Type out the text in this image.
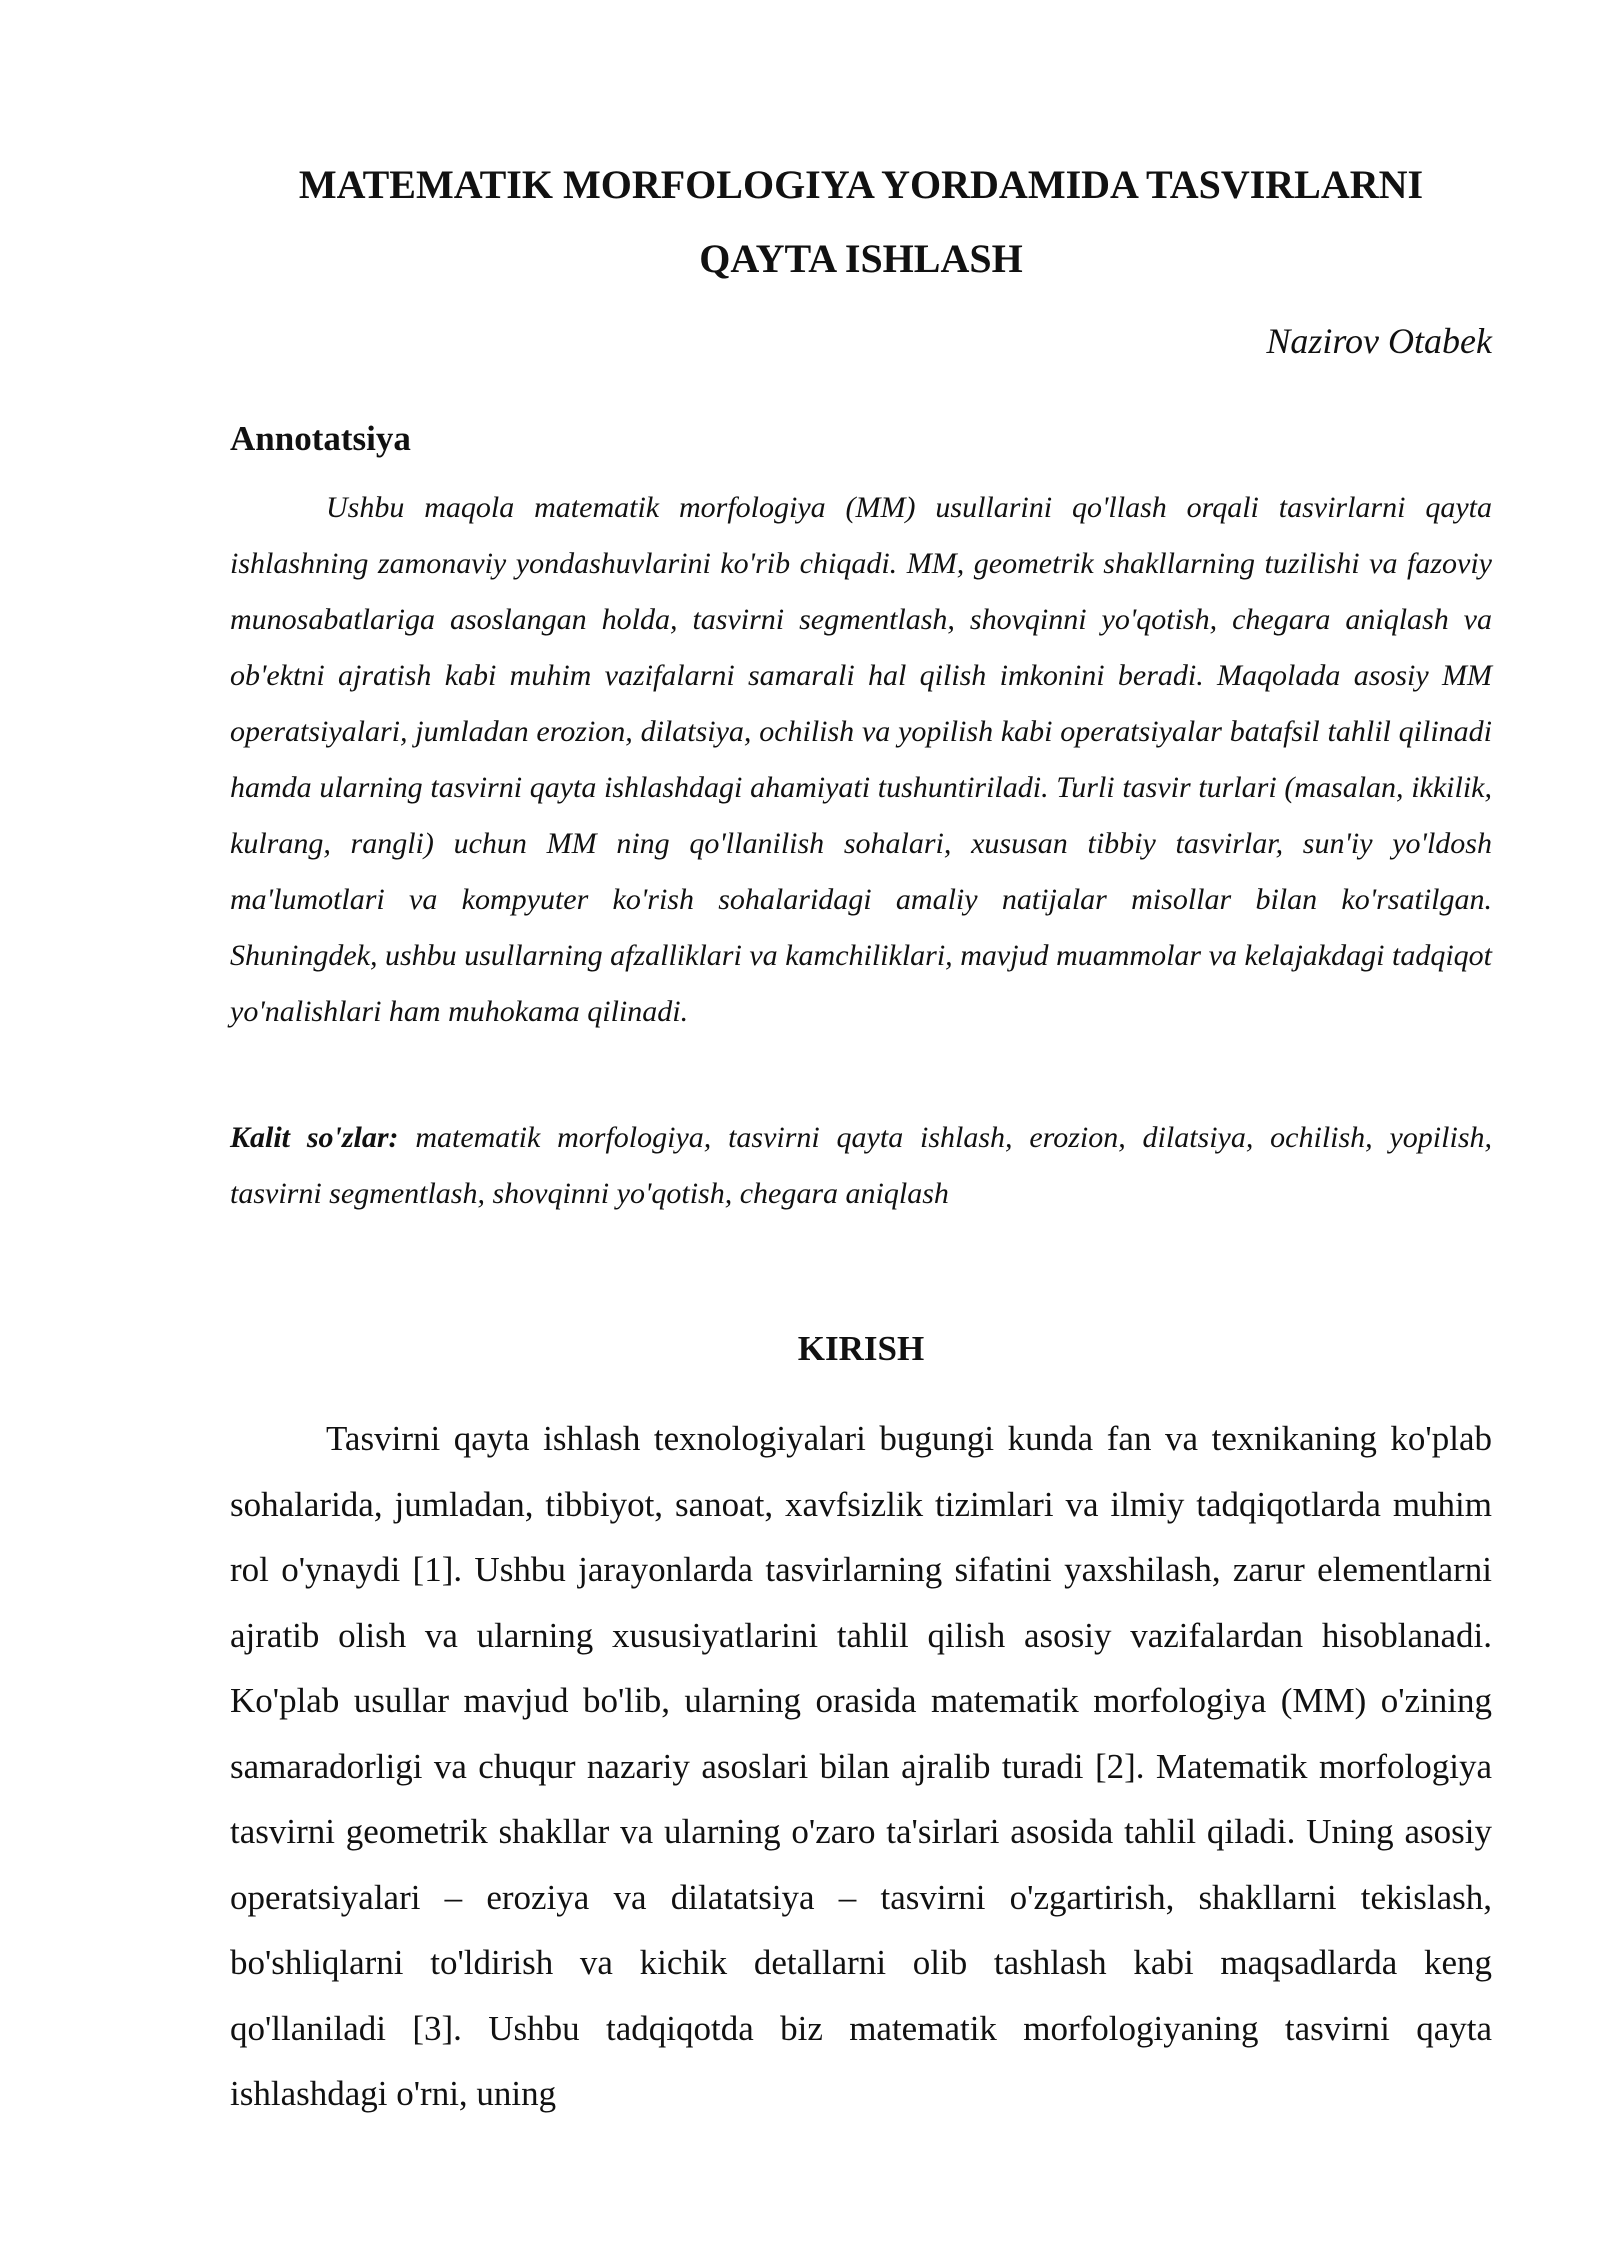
MATEMATIK MORFOLOGIYA YORDAMIDA TASVIRLARNI QAYTA ISHLASH
Nazirov Otabek
Annotatsiya

Ushbu maqola matematik morfologiya (MM) usullarini qo'llash orqali tasvirlarni qayta ishlashning zamonaviy yondashuvlarini ko'rib chiqadi. MM, geometrik shakllarning tuzilishi va fazoviy munosabatlariga asoslangan holda, tasvirni segmentlash, shovqinni yo'qotish, chegara aniqlash va ob'ektni ajratish kabi muhim vazifalarni samarali hal qilish imkonini beradi. Maqolada asosiy MM operatsiyalari, jumladan erozion, dilatsiya, ochilish va yopilish kabi operatsiyalar batafsil tahlil qilinadi hamda ularning tasvirni qayta ishlashdagi ahamiyati tushuntiriladi. Turli tasvir turlari (masalan, ikkilik, kulrang, rangli) uchun MM ning qo'llanilish sohalari, xususan tibbiy tasvirlar, sun'iy yo'ldosh ma'lumotlari va kompyuter ko'rish sohalaridagi amaliy natijalar misollar bilan ko'rsatilgan. Shuningdek, ushbu usullarning afzalliklari va kamchiliklari, mavjud muammolar va kelajakdagi tadqiqot yo'nalishlari ham muhokama qilinadi.

Kalit so'zlar: matematik morfologiya, tasvirni qayta ishlash, erozion, dilatsiya, ochilish, yopilish, tasvirni segmentlash, shovqinni yo'qotish, chegara aniqlash

KIRISH

Tasvirni qayta ishlash texnologiyalari bugungi kunda fan va texnikaning ko'plab sohalarida, jumladan, tibbiyot, sanoat, xavfsizlik tizimlari va ilmiy tadqiqotlarda muhim rol o'ynaydi [1]. Ushbu jarayonlarda tasvirlarning sifatini yaxshilash, zarur elementlarni ajratib olish va ularning xususiyatlarini tahlil qilish asosiy vazifalardan hisoblanadi. Ko'plab usullar mavjud bo'lib, ularning orasida matematik morfologiya (MM) o'zining samaradorligi va chuqur nazariy asoslari bilan ajralib turadi [2]. Matematik morfologiya tasvirni geometrik shakllar va ularning o'zaro ta'sirlari asosida tahlil qiladi. Uning asosiy operatsiyalari – eroziya va dilatatsiya – tasvirni o'zgartirish, shakllarni tekislash, bo'shliqlarni to'ldirish va kichik detallarni olib tashlash kabi maqsadlarda keng qo'llaniladi [3]. Ushbu tadqiqotda biz matematik morfologiyaning tasvirni qayta ishlashdagi o'rni, uning
